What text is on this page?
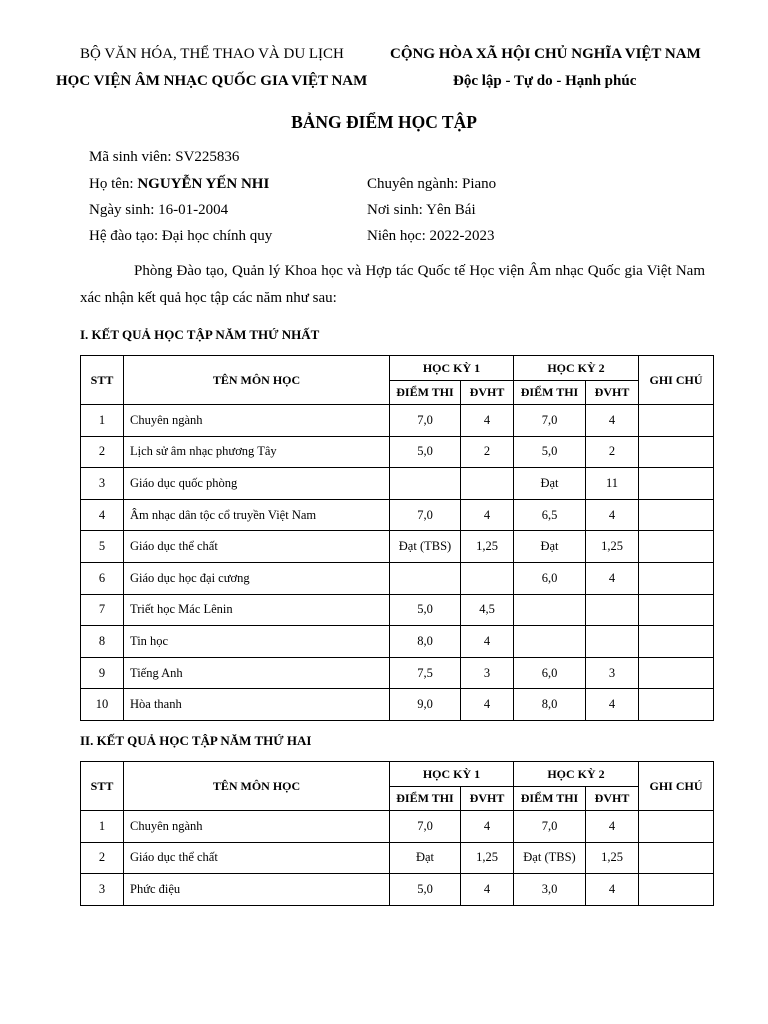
BỘ VĂN HÓA, THỂ THAO VÀ DU LỊCH
HỌC VIỆN ÂM NHẠC QUỐC GIA VIỆT NAM
CỘNG HÒA XÃ HỘI CHỦ NGHĨA VIỆT NAM
Độc lập - Tự do - Hạnh phúc
BẢNG ĐIỂM HỌC TẬP
Mã sinh viên: SV225836
Họ tên: NGUYỄN YẾN NHI
Ngày sinh: 16-01-2004
Hệ đào tạo: Đại học chính quy
Chuyên ngành: Piano
Nơi sinh: Yên Bái
Niên học: 2022-2023
Phòng Đào tạo, Quản lý Khoa học và Hợp tác Quốc tế Học viện Âm nhạc Quốc gia Việt Nam xác nhận kết quả học tập các năm như sau:
I. KẾT QUẢ HỌC TẬP NĂM THỨ NHẤT
STT	TÊN MÔN HỌC	HỌC KỲ 1		HỌC KỲ 2		GHI CHÚ
		ĐIỂM THI	ĐVHT	ĐIỂM THI	ĐVHT	
1	Chuyên ngành	7,0	4	7,0	4	
2	Lịch sử âm nhạc phương Tây	5,0	2	5,0	2	
3	Giáo dục quốc phòng			Đạt	11	
4	Âm nhạc dân tộc cổ truyền Việt Nam	7,0	4	6,5	4	
5	Giáo dục thể chất	Đạt (TBS)	1,25	Đạt	1,25	
6	Giáo dục học đại cương			6,0	4	
7	Triết học Mác Lênin	5,0	4,5			
8	Tin học	8,0	4			
9	Tiếng Anh	7,5	3	6,0	3	
10	Hòa thanh	9,0	4	8,0	4	
II. KẾT QUẢ HỌC TẬP NĂM THỨ HAI
STT	TÊN MÔN HỌC	HỌC KỲ 1		HỌC KỲ 2		GHI CHÚ
		ĐIỂM THI	ĐVHT	ĐIỂM THI	ĐVHT	
1	Chuyên ngành	7,0	4	7,0	4	
2	Giáo dục thể chất	Đạt	1,25	Đạt (TBS)	1,25	
3	Phức điệu	5,0	4	3,0	4	
